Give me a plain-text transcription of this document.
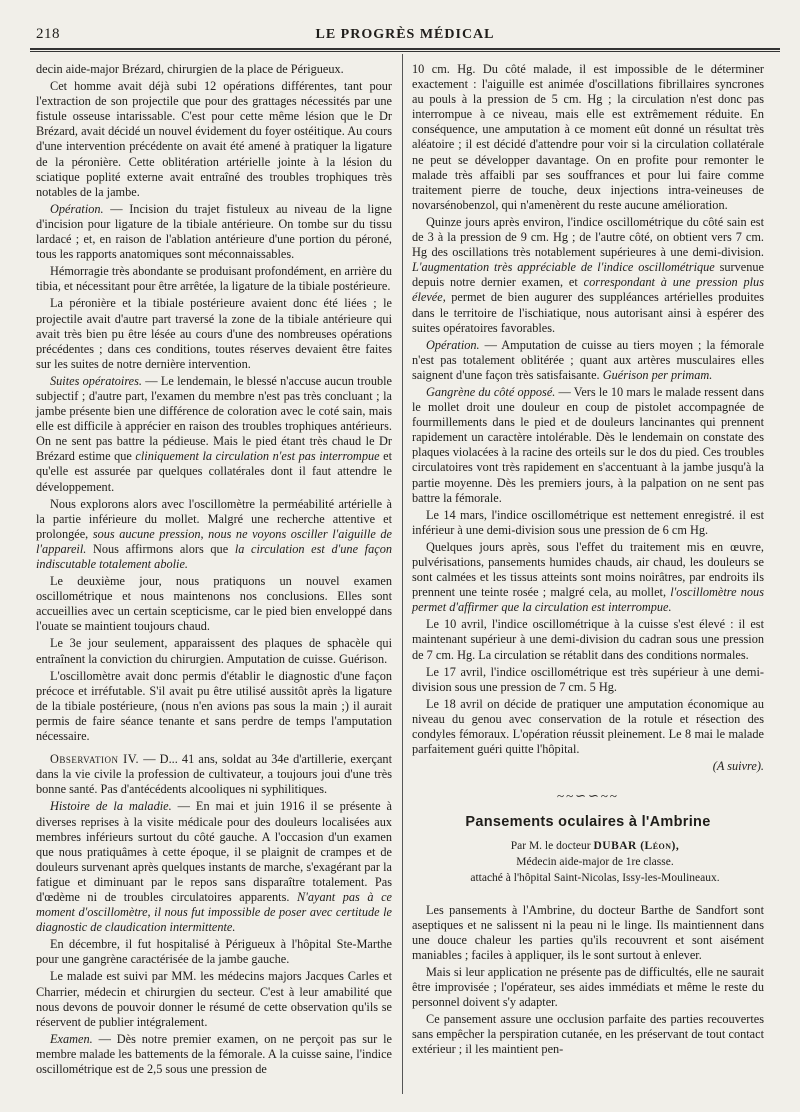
218	LE PROGRÈS MÉDICAL

decin aide-major Brézard, chirurgien de la place de Périgueux.

Cet homme avait déjà subi 12 opérations différentes, tant pour l'extraction de son projectile que pour des grattages nécessités par une fistule osseuse intarissable. C'est pour cette même lésion que le Dr Brézard, avait décidé un nouvel évidement du foyer ostéitique. Au cours d'une intervention précédente on avait été amené à pratiquer la ligature de la péronière. Cette oblitération artérielle jointe à la lésion du sciatique poplité externe avait entraîné des troubles trophiques très notables de la jambe.

Opération. — Incision du trajet fistuleux au niveau de la ligne d'incision pour ligature de la tibiale antérieure. On tombe sur du tissu lardacé ; et, en raison de l'ablation antérieure d'une portion du péroné, tous les rapports anatomiques sont méconnaissables.

Hémorragie très abondante se produisant profondément, en arrière du tibia, et nécessitant pour être arrêtée, la ligature de la tibiale postérieure.

La péronière et la tibiale postérieure avaient donc été liées ; le projectile avait d'autre part traversé la zone de la tibiale antérieure qui avait très bien pu être lésée au cours d'une des nombreuses opérations précédentes ; dans ces conditions, toutes réserves devaient être faites sur les suites de notre dernière intervention.

Suites opératoires. — Le lendemain, le blessé n'accuse aucun trouble subjectif ; d'autre part, l'examen du membre n'est pas très concluant ; la jambe présente bien une différence de coloration avec le coté sain, mais elle est difficile à apprécier en raison des troubles trophiques antérieurs. On ne sent pas battre la pédieuse. Mais le pied étant très chaud le Dr Brézard estime que cliniquement la circulation n'est pas interrompue et qu'elle est assurée par quelques collatérales dont il faut attendre le développement.

Nous explorons alors avec l'oscillomètre la perméabilité artérielle à la partie inférieure du mollet. Malgré une recherche attentive et prolongée, sous aucune pression, nous ne voyons osciller l'aiguille de l'appareil. Nous affirmons alors que la circulation est d'une façon indiscutable totalement abolie.

Le deuxième jour, nous pratiquons un nouvel examen oscillométrique et nous maintenons nos conclusions. Elles sont accueillies avec un certain scepticisme, car le pied bien enveloppé dans l'ouate se maintient toujours chaud.

Le 3e jour seulement, apparaissent des plaques de sphacèle qui entraînent la conviction du chirurgien. Amputation de cuisse. Guérison.

L'oscillomètre avait donc permis d'établir le diagnostic d'une façon précoce et irréfutable. S'il avait pu être utilisé aussitôt après la ligature de la tibiale postérieure, (nous n'en avions pas sous la main ;) il aurait permis de faire séance tenante et sans perdre de temps l'amputation nécessaire.

Observation IV. — D... 41 ans, soldat au 34e d'artillerie, exerçant dans la vie civile la profession de cultivateur, a toujours joui d'une très bonne santé. Pas d'antécédents alcooliques ni syphilitiques.

Histoire de la maladie. — En mai et juin 1916 il se présente à diverses reprises à la visite médicale pour des douleurs localisées aux membres inférieurs surtout du côté gauche. A l'occasion d'un examen que nous pratiquâmes à cette époque, il se plaignit de crampes et de douleurs survenant après quelques instants de marche, s'exagérant par la fatigue et diminuant par le repos sans disparaître totalement. Pas d'œdème ni de troubles circulatoires apparents. N'ayant pas à ce moment d'oscillomètre, il nous fut impossible de poser avec certitude le diagnostic de claudication intermittente.

En décembre, il fut hospitalisé à Périgueux à l'hôpital Ste-Marthe pour une gangrène caractérisée de la jambe gauche.

Le malade est suivi par MM. les médecins majors Jacques Carles et Charrier, médecin et chirurgien du secteur. C'est à leur amabilité que nous devons de pouvoir donner le résumé de cette observation qu'ils se réservent de publier intégralement.

Examen. — Dès notre premier examen, on ne perçoit pas sur le membre malade les battements de la fémorale. A la cuisse saine, l'indice oscillométrique est de 2,5 sous une pression de

10 cm. Hg. Du côté malade, il est impossible de le déterminer exactement : l'aiguille est animée d'oscillations fibrillaires syncrones au pouls à la pression de 5 cm. Hg ; la circulation n'est donc pas interrompue à ce niveau, mais elle est extrêmement réduite. En conséquence, une amputation à ce moment eût donné un résultat très aléatoire ; il est décidé d'attendre pour voir si la circulation collatérale ne peut se développer davantage. On en profite pour remonter le malade très affaibli par ses souffrances et pour lui faire comme traitement pierre de touche, deux injections intra-veineuses de novarsénobenzol, qui n'amenèrent du reste aucune amélioration.

Quinze jours après environ, l'indice oscillométrique du côté sain est de 3 à la pression de 9 cm. Hg ; de l'autre côté, on obtient vers 7 cm. Hg des oscillations très notablement supérieures à une demi-division. L'augmentation très appréciable de l'indice oscillométrique survenue depuis notre dernier examen, et correspondant à une pression plus élevée, permet de bien augurer des suppléances artérielles produites dans le territoire de l'ischiatique, nous autorisant ainsi à espérer des suites opératoires favorables.

Opération. — Amputation de cuisse au tiers moyen ; la fémorale n'est pas totalement oblitérée ; quant aux artères musculaires elles saignent d'une façon très satisfaisante. Guérison per primam.

Gangrène du côté opposé. — Vers le 10 mars le malade ressent dans le mollet droit une douleur en coup de pistolet accompagnée de fourmillements dans le pied et de douleurs lancinantes qui prennent rapidement un caractère intolérable. Dès le lendemain on constate des plaques violacées à la racine des orteils sur le dos du pied. Ces troubles circulatoires vont très rapidement en s'accentuant à la jambe jusqu'à la partie moyenne. Dès les premiers jours, à la palpation on ne sent pas battre la fémorale.

Le 14 mars, l'indice oscillométrique est nettement enregistré. il est inférieur à une demi-division sous une pression de 6 cm Hg.

Quelques jours après, sous l'effet du traitement mis en œuvre, pulvérisations, pansements humides chauds, air chaud, les douleurs se sont calmées et les tissus atteints sont moins noirâtres, par endroits ils prennent une teinte rosée ; malgré cela, au mollet, l'oscillomètre nous permet d'affirmer que la circulation est interrompue.

Le 10 avril, l'indice oscillométrique à la cuisse s'est élevé : il est maintenant supérieur à une demi-division du cadran sous une pression de 7 cm. Hg. La circulation se rétablit dans des conditions normales.

Le 17 avril, l'indice oscillométrique est très supérieur à une demi-division sous une pression de 7 cm. 5 Hg.

Le 18 avril on décide de pratiquer une amputation économique au niveau du genou avec conservation de la rotule et résection des condyles fémoraux. L'opération réussit pleinement. Le 8 mai le malade parfaitement guéri quitte l'hôpital.

(A suivre).

~~∽∽~~
Pansements oculaires à l'Ambrine

Par M. le docteur DUBAR (Léon),

Médecin aide-major de 1re classe.

attaché à l'hôpital Saint-Nicolas, Issy-les-Moulineaux.

Les pansements à l'Ambrine, du docteur Barthe de Sandfort sont aseptiques et ne salissent ni la peau ni le linge. Ils maintiennent dans une douce chaleur les parties qu'ils recouvrent et sont aisément maniables ; faciles à appliquer, ils le sont surtout à enlever.

Mais si leur application ne présente pas de difficultés, elle ne saurait être improvisée ; l'opérateur, ses aides immédiats et même le reste du personnel doivent s'y adapter.

Ce pansement assure une occlusion parfaite des parties recouvertes sans empêcher la perspiration cutanée, en les préservant de tout contact extérieur ; il les maintient pen-
